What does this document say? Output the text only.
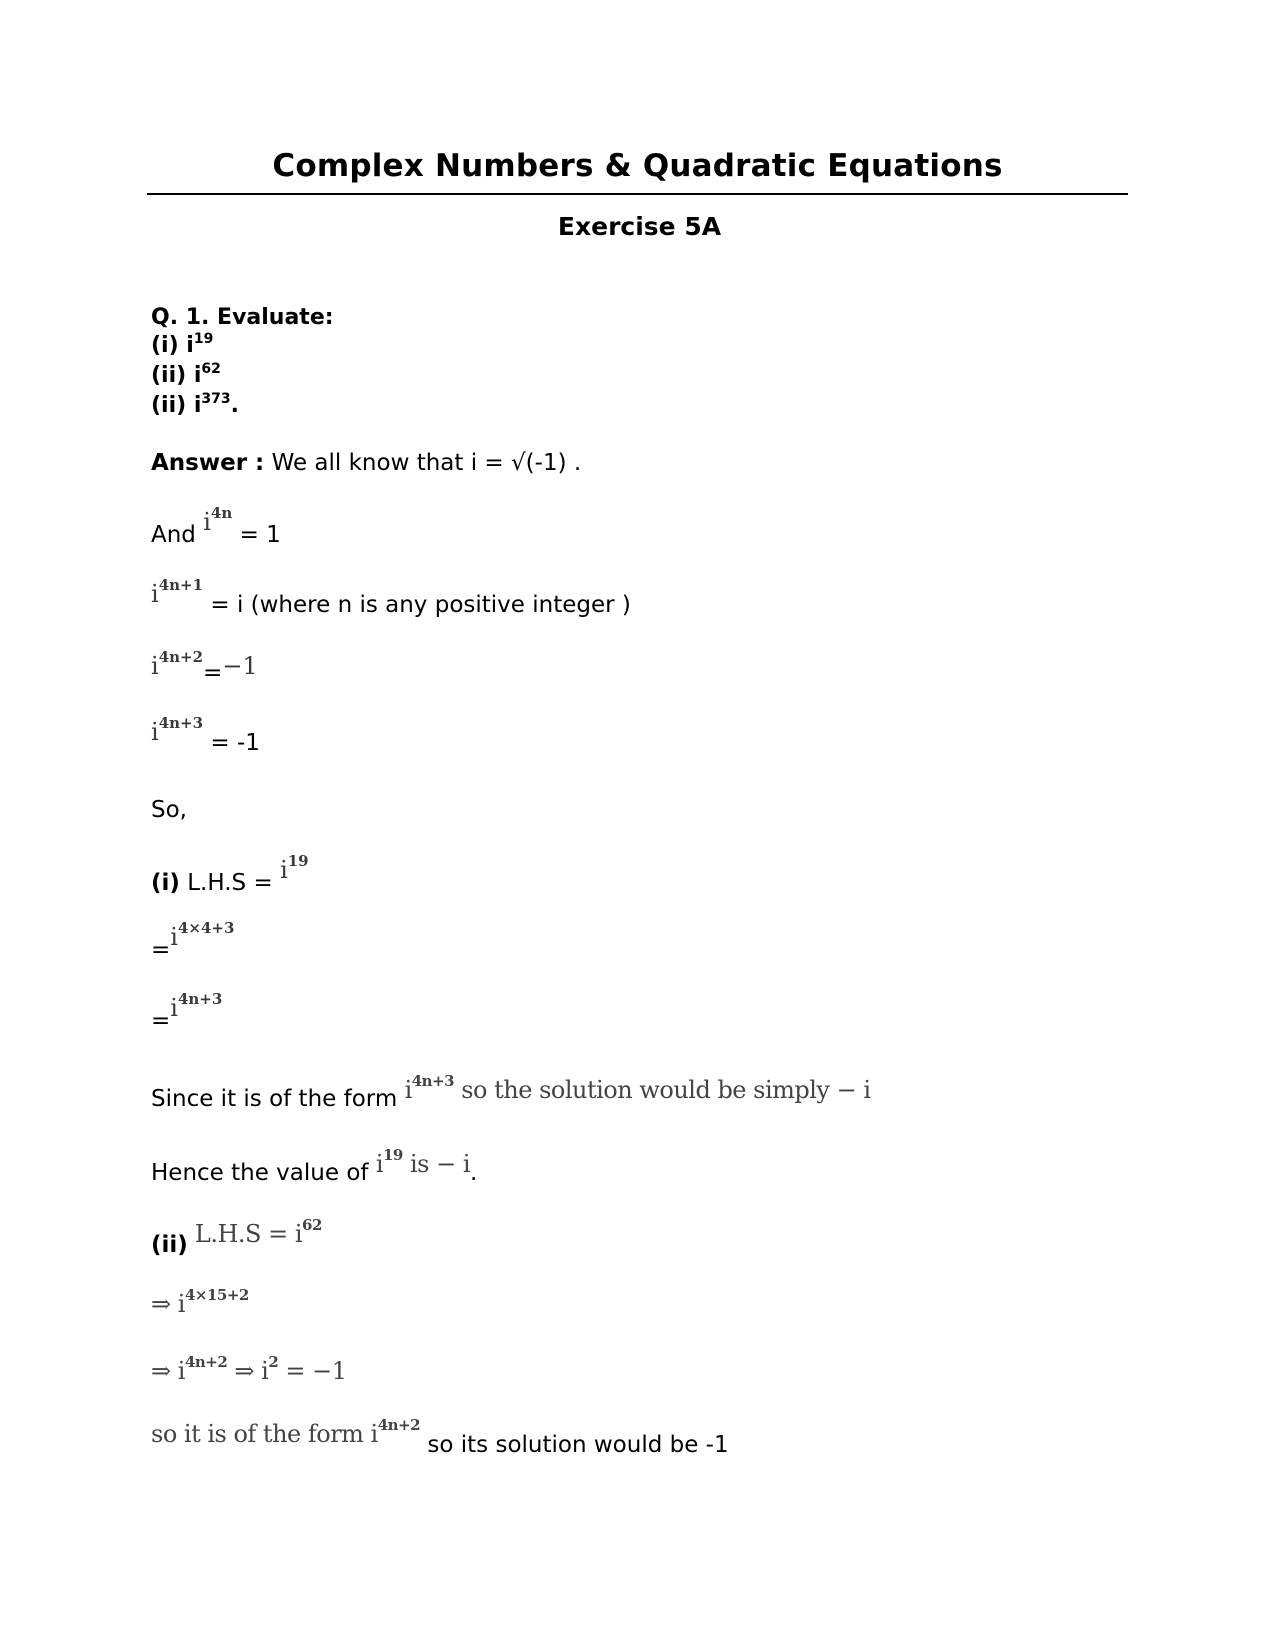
Complex Numbers & Quadratic Equations
Exercise 5A
Q. 1. Evaluate:
(i) $i^{19}$
(ii) $i^{62}$
(ii) $i^{373}$.
Answer : We all know that i = √(-1) .
And $i^{4n} = 1$
$i^{4n+1} = i$ (where n is any positive integer )
$i^{4n+2}=-1$
$i^{4n+3} = -1$
So,
(i) $L.H.S = i^{19}$
$=i^{4\times 4+3}$
$=i^{4n+3}$
Since it is of the form $i^{4n+3}$ so the solution would be simply − i
Hence the value of $i^{19}$ is − i.
(ii) $L.H.S = i^{62}$
⇒ $i^{4\times 15+2}$
⇒ $i^{4n+2}$ ⇒ $i^2 = -1$
so it is of the form $i^{4n+2}$ so its solution would be -1
